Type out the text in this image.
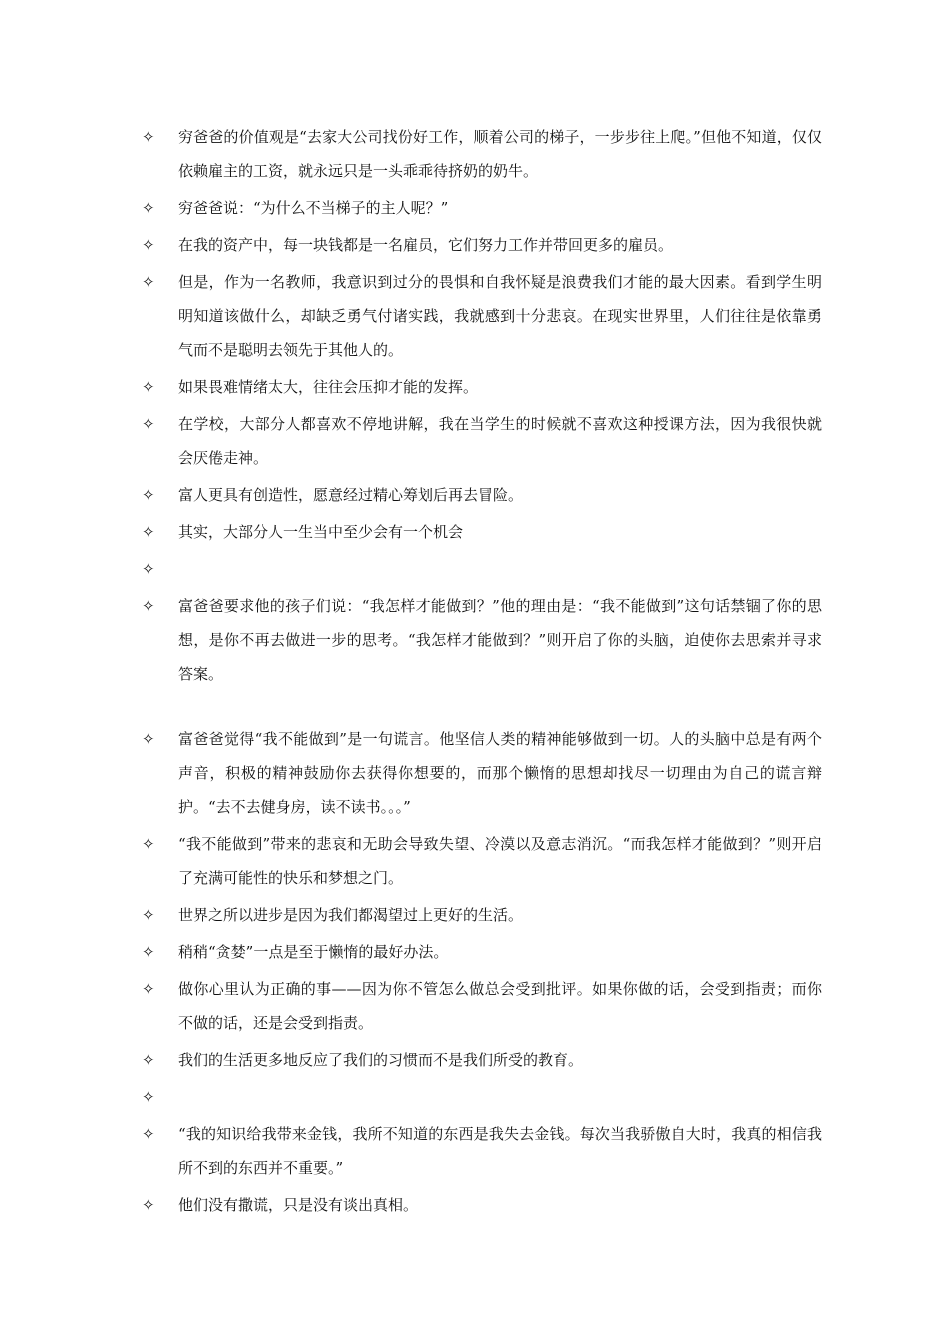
✧	穷爸爸的价值观是“去家大公司找份好工作，顺着公司的梯子，一步步往上爬。”但他不知道，仅仅依赖雇主的工资，就永远只是一头乖乖待挤奶的奶牛。
✧	穷爸爸说：“为什么不当梯子的主人呢？”
✧	在我的资产中，每一块钱都是一名雇员，它们努力工作并带回更多的雇员。
✧	但是，作为一名教师，我意识到过分的畏惧和自我怀疑是浪费我们才能的最大因素。看到学生明明知道该做什么，却缺乏勇气付诸实践，我就感到十分悲哀。在现实世界里，人们往往是依靠勇气而不是聪明去领先于其他人的。
✧	如果畏难情绪太大，往往会压抑才能的发挥。
✧	在学校，大部分人都喜欢不停地讲解，我在当学生的时候就不喜欢这种授课方法，因为我很快就会厌倦走神。
✧	富人更具有创造性，愿意经过精心筹划后再去冒险。
✧	其实，大部分人一生当中至少会有一个机会
✧
✧	富爸爸要求他的孩子们说：“我怎样才能做到？”他的理由是：“我不能做到”这句话禁锢了你的思想，是你不再去做进一步的思考。“我怎样才能做到？”则开启了你的头脑，迫使你去思索并寻求答案。
✧	富爸爸觉得“我不能做到”是一句谎言。他坚信人类的精神能够做到一切。人的头脑中总是有两个声音，积极的精神鼓励你去获得你想要的，而那个懒惰的思想却找尽一切理由为自己的谎言辩护。“去不去健身房，读不读书。。。”
✧	“我不能做到”带来的悲哀和无助会导致失望、冷漠以及意志消沉。“而我怎样才能做到？”则开启了充满可能性的快乐和梦想之门。
✧	世界之所以进步是因为我们都渴望过上更好的生活。
✧	稍稍“贪婪”一点是至于懒惰的最好办法。
✧	做你心里认为正确的事——因为你不管怎么做总会受到批评。如果你做的话，会受到指责；而你不做的话，还是会受到指责。
✧	我们的生活更多地反应了我们的习惯而不是我们所受的教育。
✧
✧	“我的知识给我带来金钱，我所不知道的东西是我失去金钱。每次当我骄傲自大时，我真的相信我所不到的东西并不重要。”
✧	他们没有撒谎，只是没有谈出真相。
